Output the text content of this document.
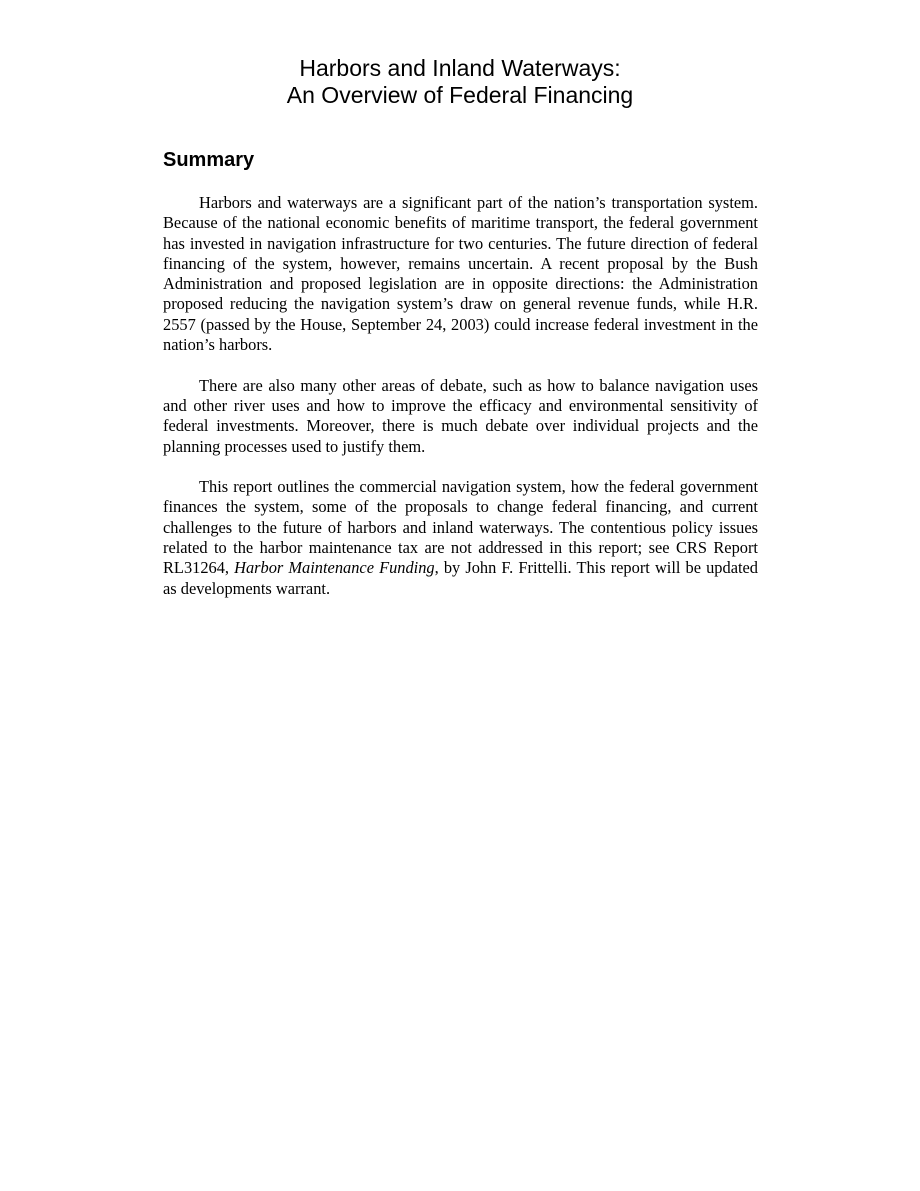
Harbors and Inland Waterways:
An Overview of Federal Financing
Summary

Harbors and waterways are a significant part of the nation’s transportation system. Because of the national economic benefits of maritime transport, the federal government has invested in navigation infrastructure for two centuries. The future direction of federal financing of the system, however, remains uncertain. A recent proposal by the Bush Administration and proposed legislation are in opposite directions: the Administration proposed reducing the navigation system’s draw on general revenue funds, while H.R. 2557 (passed by the House, September 24, 2003) could increase federal investment in the nation’s harbors.

There are also many other areas of debate, such as how to balance navigation uses and other river uses and how to improve the efficacy and environmental sensitivity of federal investments. Moreover, there is much debate over individual projects and the planning processes used to justify them.

This report outlines the commercial navigation system, how the federal government finances the system, some of the proposals to change federal financing, and current challenges to the future of harbors and inland waterways. The contentious policy issues related to the harbor maintenance tax are not addressed in this report; see CRS Report RL31264, Harbor Maintenance Funding, by John F. Frittelli. This report will be updated as developments warrant.
